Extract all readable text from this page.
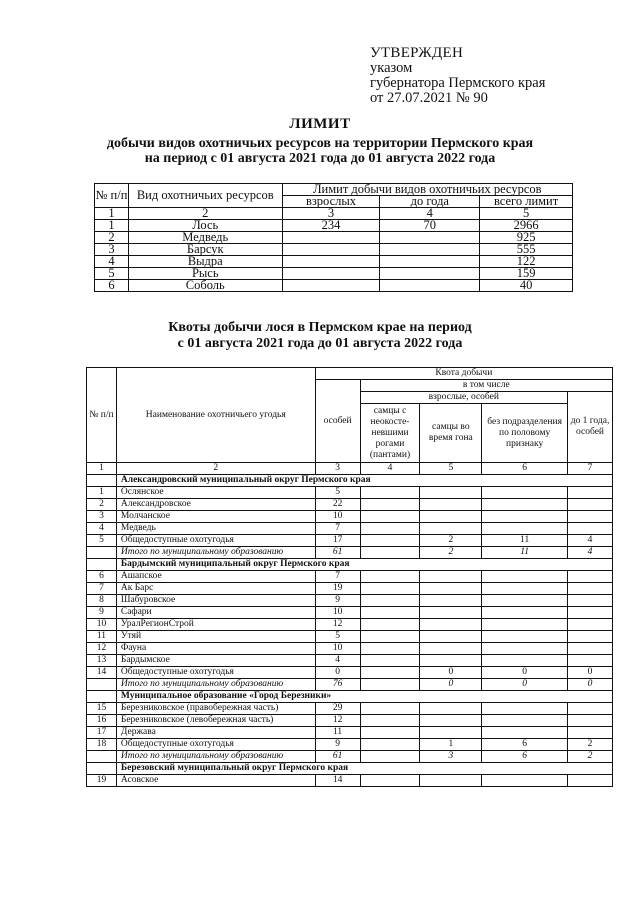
УТВЕРЖДЕН
указом
губернатора Пермского края
от 27.07.2021 № 90
ЛИМИТ
добычи видов охотничьих ресурсов на территории Пермского края
на период с 01 августа 2021 года до 01 августа 2022 года
№ п/п	Вид охотничьих ресурсов	Лимит добычи видов охотничьих ресурсов		
		взрослых	до года	всего лимит
1	2	3	4	5
1	Лось	234	70	2966
2	Медведь			925
3	Барсук			555
4	Выдра			122
5	Рысь			159
6	Соболь			40
Квоты добычи лося в Пермском крае на период
с 01 августа 2021 года до 01 августа 2022 года
№ п/п	Наименование охотничьего угодья	Квота добычи				
		особей	в том числе			
			взрослые, особей			до 1 года, особей
			самцы с неокосте-невшими рогами (пантами)	самцы во время гона	без подразделения по половому признаку	
1	2	3	4	5	6	7
	Александровский муниципальный округ Пермского края					
1	Ослянское	5				
2	Александровское	22				
3	Молчанское	10				
4	Медведь	7				
5	Общедоступные охотугодья	17		2	11	4
	Итого по муниципальному образованию	61		2	11	4
	Бардымский муниципальный округ Пермского края					
6	Ашапское	7				
7	Ак Барс	19				
8	Шабуровское	9				
9	Сафари	10				
10	УралРегионСтрой	12				
11	Утяй	5				
12	Фауна	10				
13	Бардымское	4				
14	Общедоступные охотугодья	0		0	0	0
	Итого по муниципальному образованию	76		0	0	0
	Муниципальное образование «Город Березники»					
15	Березниковское (правобережная часть)	29				
16	Березниковское (левобережная часть)	12				
17	Держава	11				
18	Общедоступные охотугодья	9		1	6	2
	Итого по муниципальному образованию	61		3	6	2
	Березовский муниципальный округ Пермского края					
19	Асовское	14				
